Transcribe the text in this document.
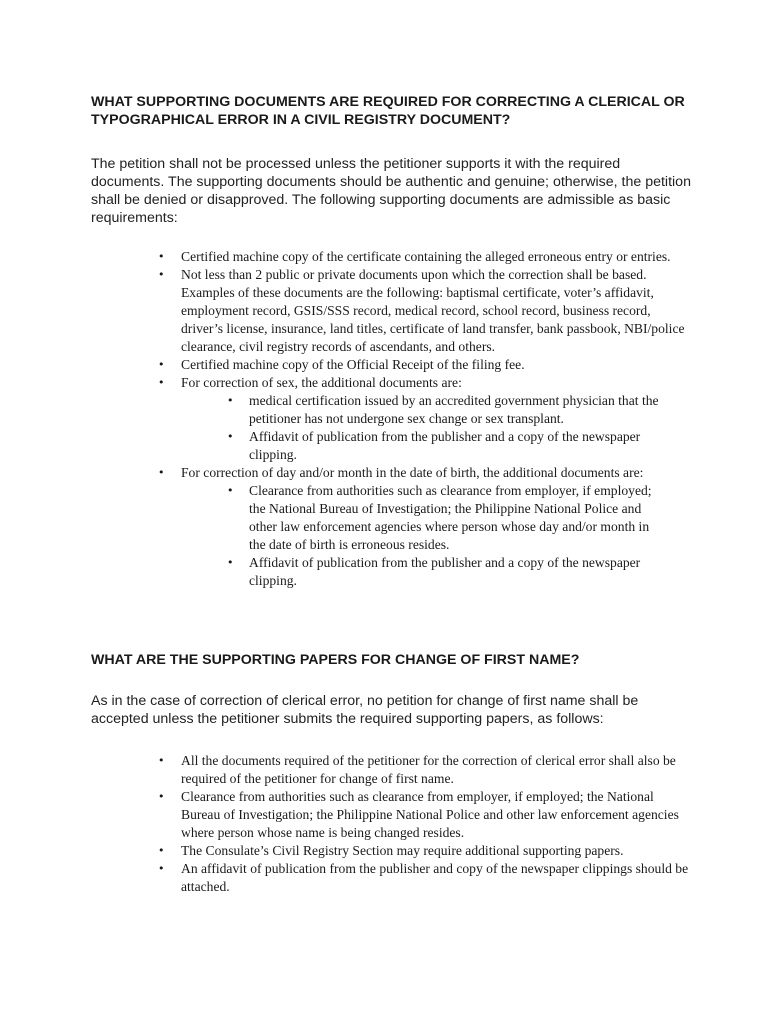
WHAT SUPPORTING DOCUMENTS ARE REQUIRED FOR CORRECTING A CLERICAL OR TYPOGRAPHICAL ERROR IN A CIVIL REGISTRY DOCUMENT?

The petition shall not be processed unless the petitioner supports it with the required documents. The supporting documents should be authentic and genuine; otherwise, the petition shall be denied or disapproved. The following supporting documents are admissible as basic requirements:

• Certified machine copy of the certificate containing the alleged erroneous entry or entries.
• Not less than 2 public or private documents upon which the correction shall be based. Examples of these documents are the following: baptismal certificate, voter’s affidavit, employment record, GSIS/SSS record, medical record, school record, business record, driver’s license, insurance, land titles, certificate of land transfer, bank passbook, NBI/police clearance, civil registry records of ascendants, and others.
• Certified machine copy of the Official Receipt of the filing fee.
• For correction of sex, the additional documents are:
• medical certification issued by an accredited government physician that the petitioner has not undergone sex change or sex transplant.
• Affidavit of publication from the publisher and a copy of the newspaper clipping.
• For correction of day and/or month in the date of birth, the additional documents are:
• Clearance from authorities such as clearance from employer, if employed; the National Bureau of Investigation; the Philippine National Police and other law enforcement agencies where person whose day and/or month in the date of birth is erroneous resides.
• Affidavit of publication from the publisher and a copy of the newspaper clipping.
WHAT ARE THE SUPPORTING PAPERS FOR CHANGE OF FIRST NAME?

As in the case of correction of clerical error, no petition for change of first name shall be accepted unless the petitioner submits the required supporting papers, as follows:

• All the documents required of the petitioner for the correction of clerical error shall also be required of the petitioner for change of first name.
• Clearance from authorities such as clearance from employer, if employed; the National Bureau of Investigation; the Philippine National Police and other law enforcement agencies where person whose name is being changed resides.
• The Consulate’s Civil Registry Section may require additional supporting papers.
• An affidavit of publication from the publisher and copy of the newspaper clippings should be attached.
